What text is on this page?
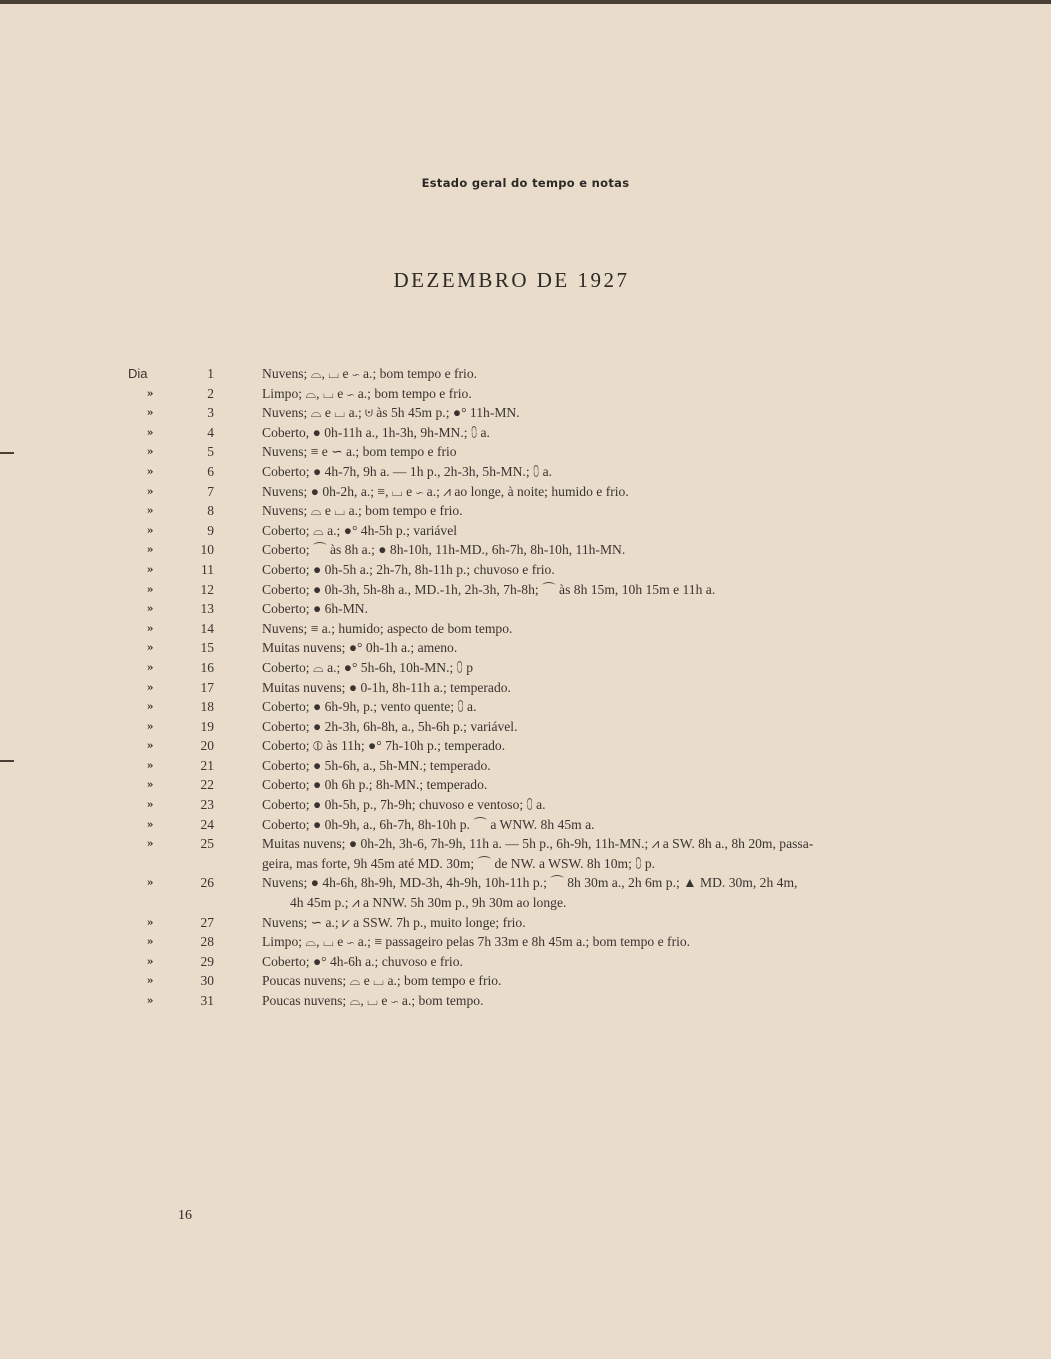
Estado geral do tempo e notas
DEZEMBRO DE 1927
Dia	1	Nuvens; ⌓, ⌴ e ∽ a.; bom tempo e frio.
»	2	Limpo; ⌓, ⌴ e ∽ a.; bom tempo e frio.
»	3	Nuvens; ⌓ e ⌴ a.; ⊍ às 5h 45m p.; ●° 11h-MN.
»	4	Coberto, ● 0h-11h a., 1h-3h, 9h-MN.; ⩇ a.
»	5	Nuvens; ≡ e ∽ a.; bom tempo e frio
»	6	Coberto; ● 4h-7h, 9h a. — 1h p., 2h-3h, 5h-MN.; ⩇ a.
»	7	Nuvens; ● 0h-2h, a.; ≡, ⌴ e ∽ a.; ⩘ ao longe, à noite; humido e frio.
»	8	Nuvens; ⌓ e ⌴ a.; bom tempo e frio.
»	9	Coberto; ⌓ a.; ●° 4h-5h p.; variável
»	10	Coberto; ⌒ às 8h a.; ● 8h-10h, 11h-MD., 6h-7h, 8h-10h, 11h-MN.
»	11	Coberto; ● 0h-5h a.; 2h-7h, 8h-11h p.; chuvoso e frio.
»	12	Coberto; ● 0h-3h, 5h-8h a., MD.-1h, 2h-3h, 7h-8h; ⌒ às 8h 15m, 10h 15m e 11h a.
»	13	Coberto; ● 6h-MN.
»	14	Nuvens; ≡ a.; humido; aspecto de bom tempo.
»	15	Muitas nuvens; ●° 0h-1h a.; ameno.
»	16	Coberto; ⌓ a.; ●° 5h-6h, 10h-MN.; ⩇ p
»	17	Muitas nuvens; ● 0-1h, 8h-11h a.; temperado.
»	18	Coberto; ● 6h-9h, p.; vento quente; ⩇ a.
»	19	Coberto; ● 2h-3h, 6h-8h, a., 5h-6h p.; variável.
»	20	Coberto; ⦶ às 11h; ●° 7h-10h p.; temperado.
»	21	Coberto; ● 5h-6h, a., 5h-MN.; temperado.
»	22	Coberto; ● 0h 6h p.; 8h-MN.; temperado.
»	23	Coberto; ● 0h-5h, p., 7h-9h; chuvoso e ventoso; ⩇ a.
»	24	Coberto; ● 0h-9h, a., 6h-7h, 8h-10h p. ⌒ a WNW. 8h 45m a.
»	25	Muitas nuvens; ● 0h-2h, 3h-6, 7h-9h, 11h a. — 5h p., 6h-9h, 11h-MN.; ⩘ a SW. 8h a., 8h 20m, passa-
geira, mas forte, 9h 45m até MD. 30m; ⌒ de NW. a WSW. 8h 10m; ⩇ p.
»	26	Nuvens; ● 4h-6h, 8h-9h, MD-3h, 4h-9h, 10h-11h p.; ⌒ 8h 30m a., 2h 6m p.; ▲ MD. 30m, 2h 4m,
4h 45m p.; ⩘ a NNW. 5h 30m p., 9h 30m ao longe.
»	27	Nuvens; ∽ a.; ⩗ a SSW. 7h p., muito longe; frio.
»	28	Limpo; ⌓, ⌴ e ∽ a.; ≡ passageiro pelas 7h 33m e 8h 45m a.; bom tempo e frio.
»	29	Coberto; ●° 4h-6h a.; chuvoso e frio.
»	30	Poucas nuvens; ⌓ e ⌴ a.; bom tempo e frio.
»	31	Poucas nuvens; ⌓, ⌴ e ∽ a.; bom tempo.
16
